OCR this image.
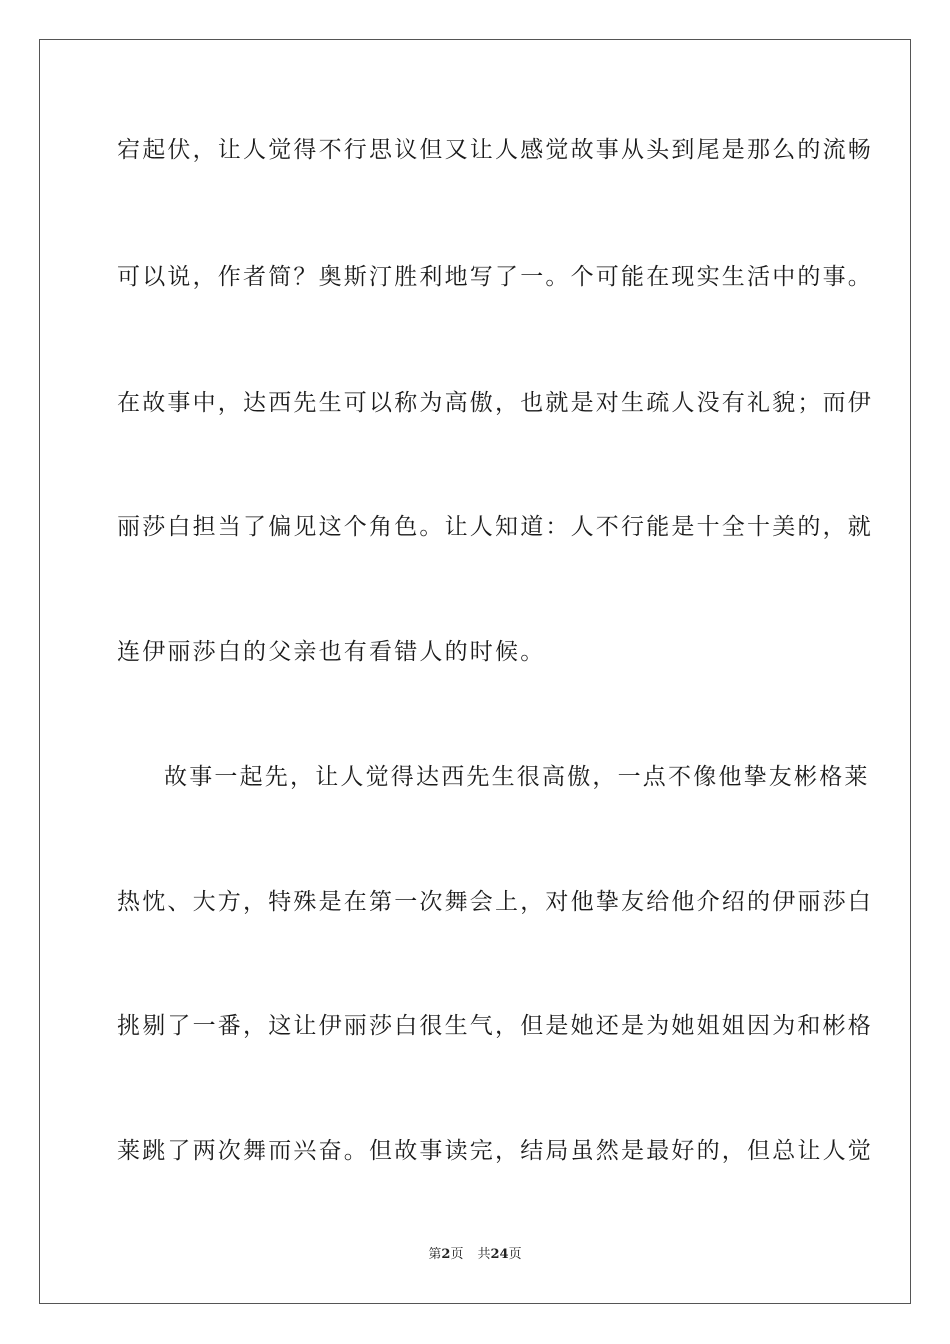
宕起伏，让人觉得不行思议但又让人感觉故事从头到尾是那么的流畅
可以说，作者简？奥斯汀胜利地写了一。个可能在现实生活中的事。
在故事中，达西先生可以称为高傲，也就是对生疏人没有礼貌；而伊
丽莎白担当了偏见这个角色。让人知道：人不行能是十全十美的，就
连伊丽莎白的父亲也有看错人的时候。
故事一起先，让人觉得达西先生很高傲，一点不像他挚友彬格莱
热忱、大方，特殊是在第一次舞会上，对他挚友给他介绍的伊丽莎白
挑剔了一番，这让伊丽莎白很生气，但是她还是为她姐姐因为和彬格
莱跳了两次舞而兴奋。但故事读完，结局虽然是最好的，但总让人觉
第2页 共24页
